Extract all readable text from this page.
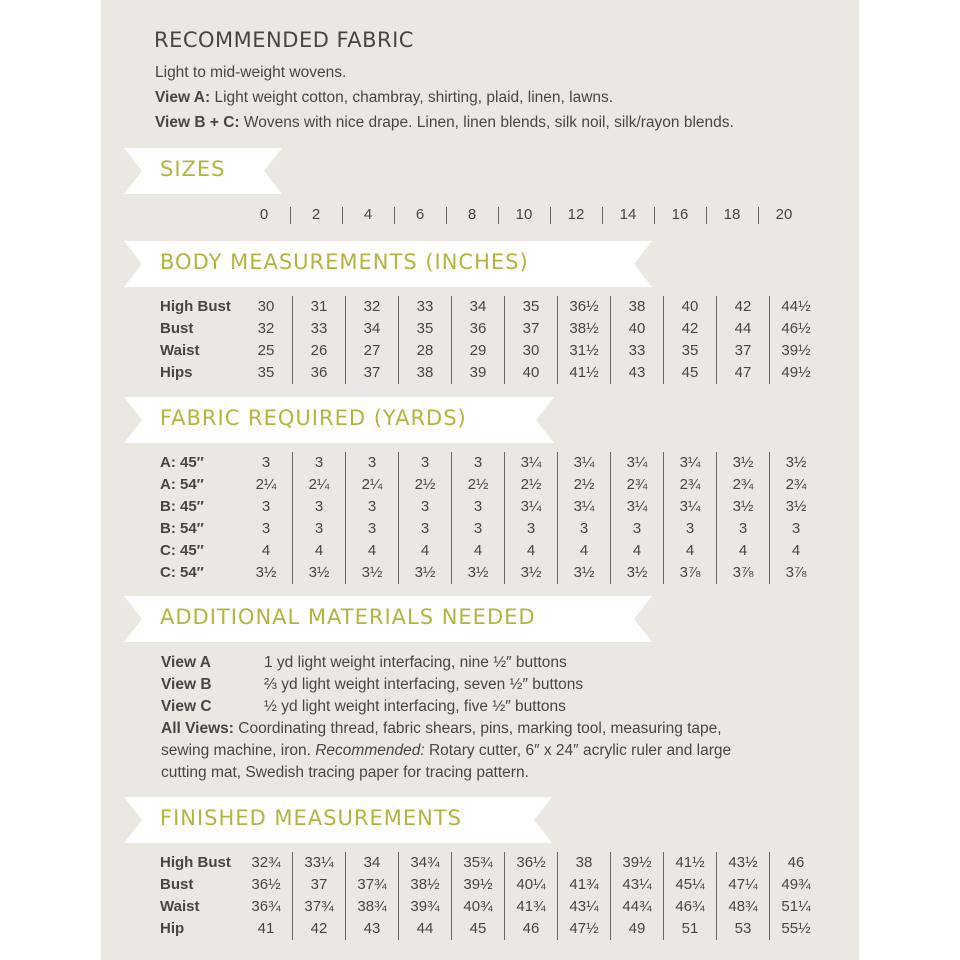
RECOMMENDED FABRIC
Light to mid-weight wovens.
View A: Light weight cotton, chambray, shirting, plaid, linen, lawns.
View B + C: Wovens with nice drape. Linen, linen blends, silk noil, silk/rayon blends.
SIZES
0	2	4	6	8	10	12	14	16	18	20
BODY MEASUREMENTS (INCHES)
High Bust	30	31	32	33	34	35	36½	38	40	42	44½
Bust	32	33	34	35	36	37	38½	40	42	44	46½
Waist	25	26	27	28	29	30	31½	33	35	37	39½
Hips	35	36	37	38	39	40	41½	43	45	47	49½
FABRIC REQUIRED (YARDS)
A: 45″	3	3	3	3	3	3¼	3¼	3¼	3¼	3½	3½
A: 54″	2¼	2¼	2¼	2½	2½	2½	2½	2¾	2¾	2¾	2¾
B: 45″	3	3	3	3	3	3¼	3¼	3¼	3¼	3½	3½
B: 54″	3	3	3	3	3	3	3	3	3	3	3
C: 45″	4	4	4	4	4	4	4	4	4	4	4
C: 54″	3½	3½	3½	3½	3½	3½	3½	3½	3⅞	3⅞	3⅞
ADDITIONAL MATERIALS NEEDED
View A	1 yd light weight interfacing, nine ½″ buttons
View B	⅔ yd light weight interfacing, seven ½″ buttons
View C	½ yd light weight interfacing, five ½″ buttons
All Views: Coordinating thread, fabric shears, pins, marking tool, measuring tape,
sewing machine, iron. Recommended: Rotary cutter, 6″ x 24″ acrylic ruler and large
cutting mat, Swedish tracing paper for tracing pattern.
FINISHED MEASUREMENTS
High Bust	32¾	33¼	34	34¾	35¾	36½	38	39½	41½	43½	46
Bust	36½	37	37¾	38½	39½	40¼	41¾	43¼	45¼	47¼	49¾
Waist	36¾	37¾	38¾	39¾	40¾	41¾	43¼	44¾	46¾	48¾	51¼
Hip	41	42	43	44	45	46	47½	49	51	53	55½
